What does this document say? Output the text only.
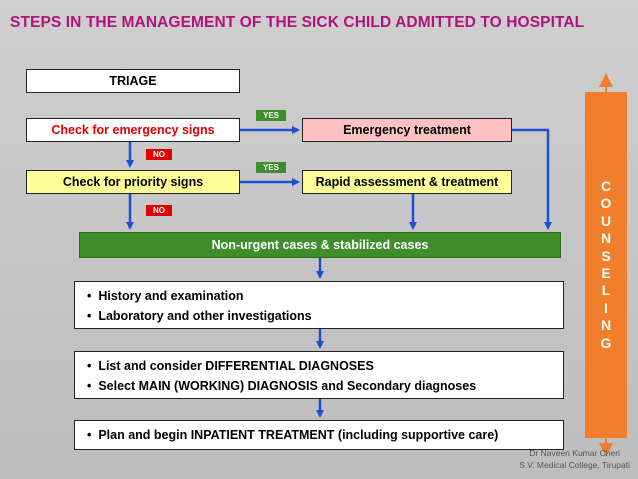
STEPS IN THE MANAGEMENT OF THE SICK CHILD ADMITTED TO HOSPITAL
TRIAGE
Check for emergency signs
Check for priority signs
Emergency treatment
Rapid assessment & treatment
Non-urgent cases & stabilized cases
YES
YES
NO
NO
•  History and examination
•  Laboratory and other investigations
•  List and consider DIFFERENTIAL DIAGNOSES
•  Select MAIN (WORKING) DIAGNOSIS and Secondary diagnoses
•  Plan and begin INPATIENT TREATMENT (including supportive care)
C
O
U
N
S
E
L
I
N
G
Dr Naveen Kumar Cheri
S.V. Medical College, Tirupati
